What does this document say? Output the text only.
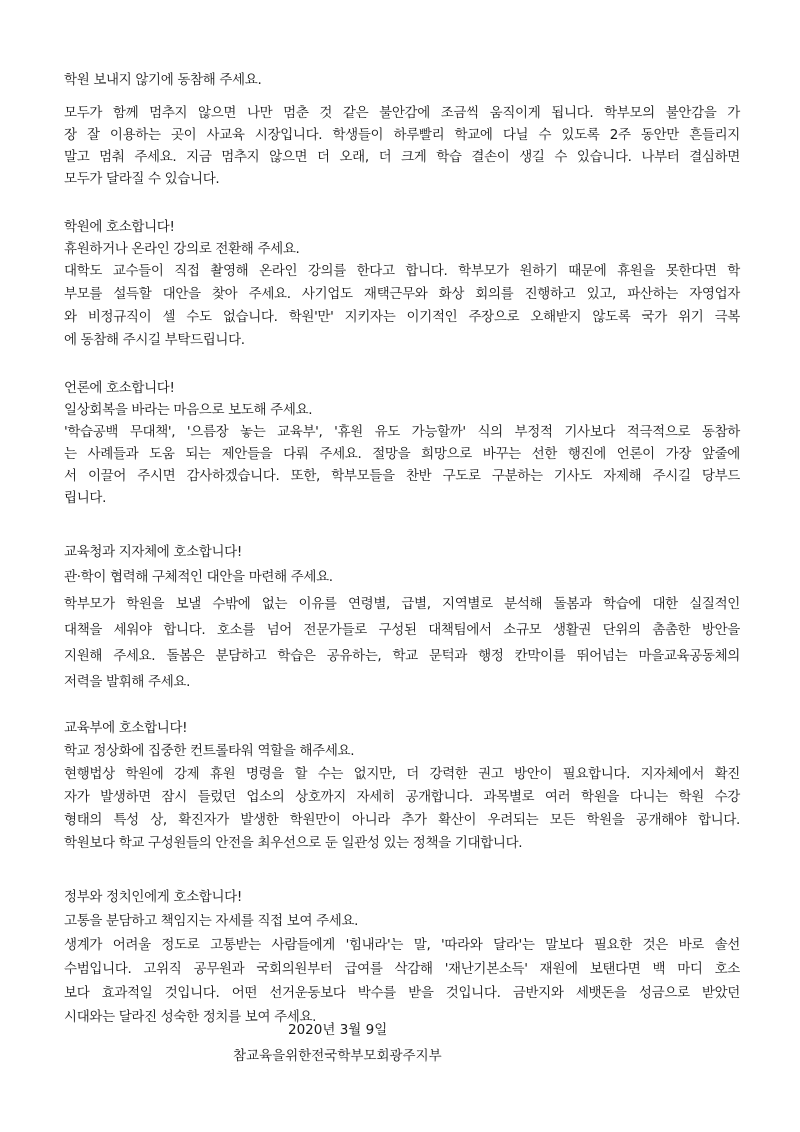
학원 보내지 않기에 동참해 주세요.
모두가 함께 멈추지 않으면 나만 멈춘 것 같은 불안감에 조금씩 움직이게 됩니다. 학부모의 불안감을 가
장 잘 이용하는 곳이 사교육 시장입니다. 학생들이 하루빨리 학교에 다닐 수 있도록 2주 동안만 흔들리지
말고 멈춰 주세요. 지금 멈추지 않으면 더 오래, 더 크게 학습 결손이 생길 수 있습니다. 나부터 결심하면
모두가 달라질 수 있습니다.
학원에 호소합니다!
휴원하거나 온라인 강의로 전환해 주세요.
대학도 교수들이 직접 촬영해 온라인 강의를 한다고 합니다. 학부모가 원하기 때문에 휴원을 못한다면 학
부모를 설득할 대안을 찾아 주세요. 사기업도 재택근무와 화상 회의를 진행하고 있고, 파산하는 자영업자
와 비정규직이 셀 수도 없습니다. 학원'만' 지키자는 이기적인 주장으로 오해받지 않도록 국가 위기 극복
에 동참해 주시길 부탁드립니다.
언론에 호소합니다!
일상회복을 바라는 마음으로 보도해 주세요.
'학습공백 무대책', '으름장 놓는 교육부', '휴원 유도 가능할까' 식의 부정적 기사보다 적극적으로 동참하
는 사례들과 도움 되는 제안들을 다뤄 주세요. 절망을 희망으로 바꾸는 선한 행진에 언론이 가장 앞줄에
서 이끌어 주시면 감사하겠습니다. 또한, 학부모들을 찬반 구도로 구분하는 기사도 자제해 주시길 당부드
립니다.
교육청과 지자체에 호소합니다!
관·학이 협력해 구체적인 대안을 마련해 주세요.
학부모가 학원을 보낼 수밖에 없는 이유를 연령별, 급별, 지역별로 분석해 돌봄과 학습에 대한 실질적인
대책을 세워야 합니다. 호소를 넘어 전문가들로 구성된 대책팀에서 소규모 생활권 단위의 촘촘한 방안을
지원해 주세요. 돌봄은 분담하고 학습은 공유하는, 학교 문턱과 행정 칸막이를 뛰어넘는 마을교육공동체의
저력을 발휘해 주세요.
교육부에 호소합니다!
학교 정상화에 집중한 컨트롤타워 역할을 해주세요.
현행법상 학원에 강제 휴원 명령을 할 수는 없지만, 더 강력한 권고 방안이 필요합니다. 지자체에서 확진
자가 발생하면 잠시 들렀던 업소의 상호까지 자세히 공개합니다. 과목별로 여러 학원을 다니는 학원 수강
형태의 특성 상, 확진자가 발생한 학원만이 아니라 추가 확산이 우려되는 모든 학원을 공개해야 합니다.
학원보다 학교 구성원들의 안전을 최우선으로 둔 일관성 있는 정책을 기대합니다.
정부와 정치인에게 호소합니다!
고통을 분담하고 책임지는 자세를 직접 보여 주세요.
생계가 어려울 정도로 고통받는 사람들에게 '힘내라'는 말, '따라와 달라'는 말보다 필요한 것은 바로 솔선
수범입니다. 고위직 공무원과 국회의원부터 급여를 삭감해 '재난기본소득' 재원에 보탠다면 백 마디 호소
보다 효과적일 것입니다. 어떤 선거운동보다 박수를 받을 것입니다. 금반지와 세뱃돈을 성금으로 받았던
시대와는 달라진 성숙한 정치를 보여 주세요.
2020년 3월 9일
참교육을위한전국학부모회광주지부
